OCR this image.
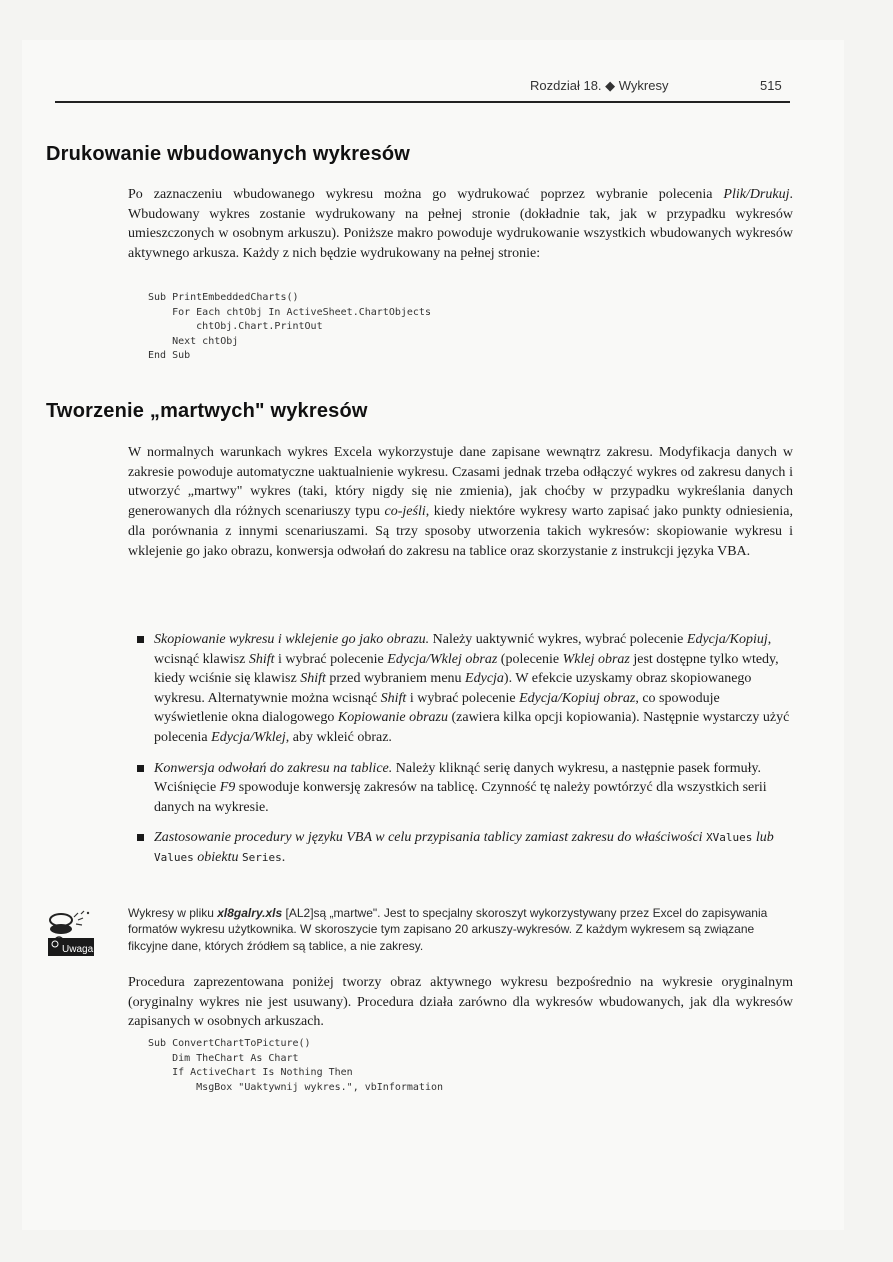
Rozdział 18. ◆ Wykresy	515
Drukowanie wbudowanych wykresów

Po zaznaczeniu wbudowanego wykresu można go wydrukować poprzez wybranie polecenia Plik/Drukuj. Wbudowany wykres zostanie wydrukowany na pełnej stronie (dokładnie tak, jak w przypadku wykresów umieszczonych w osobnym arkuszu). Poniższe makro powoduje wydrukowanie wszystkich wbudowanych wykresów aktywnego arkusza. Każdy z nich będzie wydrukowany na pełnej stronie:

Sub PrintEmbeddedCharts()
For Each chtObj In ActiveSheet.ChartObjects
chtObj.Chart.PrintOut
Next chtObj
End Sub
Tworzenie „martwych" wykresów

W normalnych warunkach wykres Excela wykorzystuje dane zapisane wewnątrz zakresu. Modyfikacja danych w zakresie powoduje automatyczne uaktualnienie wykresu. Czasami jednak trzeba odłączyć wykres od zakresu danych i utworzyć „martwy" wykres (taki, który nigdy się nie zmienia), jak choćby w przypadku wykreślania danych generowanych dla różnych scenariuszy typu co-jeśli, kiedy niektóre wykresy warto zapisać jako punkty odniesienia, dla porównania z innymi scenariuszami. Są trzy sposoby utworzenia takich wykresów: skopiowanie wykresu i wklejenie go jako obrazu, konwersja odwołań do zakresu na tablice oraz skorzystanie z instrukcji języka VBA.

Skopiowanie wykresu i wklejenie go jako obrazu. Należy uaktywnić wykres, wybrać polecenie Edycja/Kopiuj, wcisnąć klawisz Shift i wybrać polecenie Edycja/Wklej obraz (polecenie Wklej obraz jest dostępne tylko wtedy, kiedy wciśnie się klawisz Shift przed wybraniem menu Edycja). W efekcie uzyskamy obraz skopiowanego wykresu. Alternatywnie można wcisnąć Shift i wybrać polecenie Edycja/Kopiuj obraz, co spowoduje wyświetlenie okna dialogowego Kopiowanie obrazu (zawiera kilka opcji kopiowania). Następnie wystarczy użyć polecenia Edycja/Wklej, aby wkleić obraz.
Konwersja odwołań do zakresu na tablice. Należy kliknąć serię danych wykresu, a następnie pasek formuły. Wciśnięcie F9 spowoduje konwersję zakresów na tablicę. Czynność tę należy powtórzyć dla wszystkich serii danych na wykresie.
Zastosowanie procedury w języku VBA w celu przypisania tablicy zamiast zakresu do właściwości XValues lub Values obiektu Series.
Uwaga
Wykresy w pliku xl8galry.xls [AL2]są „martwe". Jest to specjalny skoroszyt wykorzystywany przez Excel do zapisywania formatów wykresu użytkownika. W skoroszycie tym zapisano 20 arkuszy-wykresów. Z każdym wykresem są związane fikcyjne dane, których źródłem są tablice, a nie zakresy.

Procedura zaprezentowana poniżej tworzy obraz aktywnego wykresu bezpośrednio na wykresie oryginalnym (oryginalny wykres nie jest usuwany). Procedura działa zarówno dla wykresów wbudowanych, jak dla wykresów zapisanych w osobnych arkuszach.

Sub ConvertChartToPicture()
Dim TheChart As Chart
If ActiveChart Is Nothing Then
MsgBox "Uaktywnij wykres.", vbInformation
